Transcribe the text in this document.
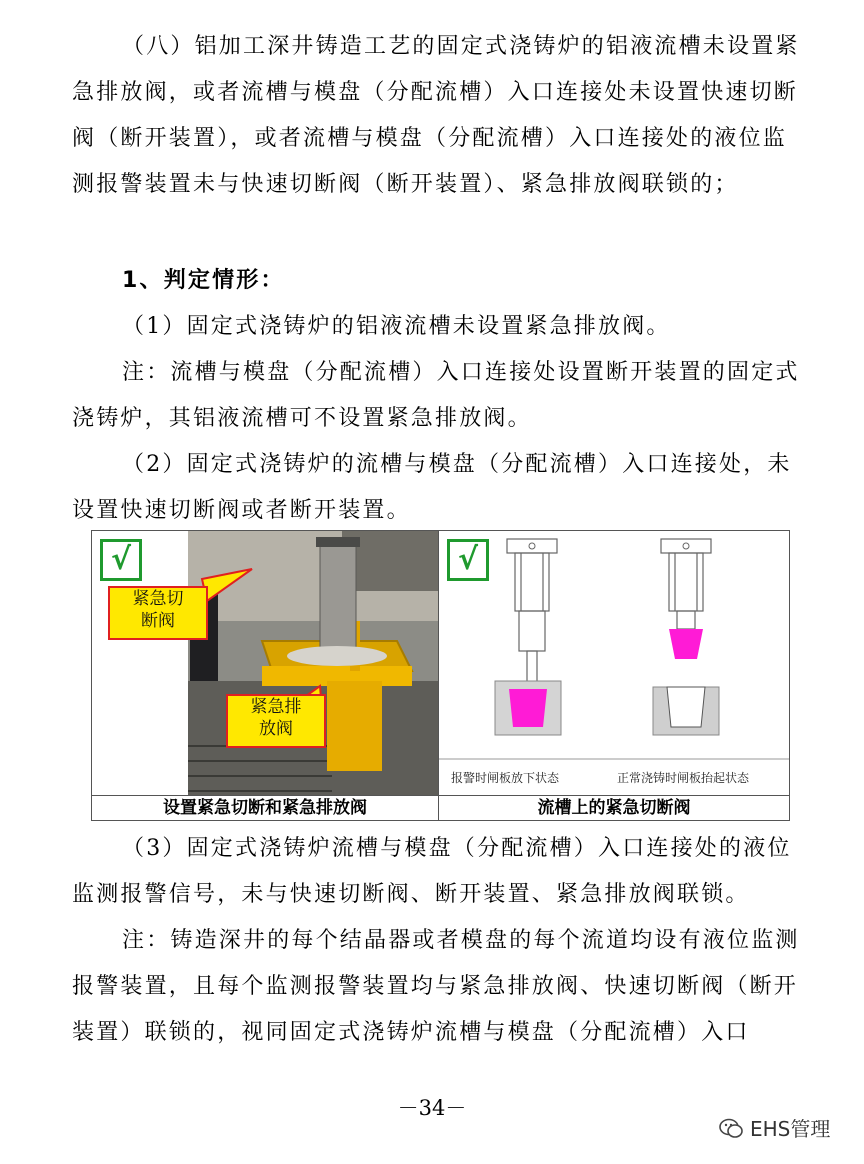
（八）铝加工深井铸造工艺的固定式浇铸炉的铝液流槽未设置紧急排放阀，或者流槽与模盘（分配流槽）入口连接处未设置快速切断阀（断开装置），或者流槽与模盘（分配流槽）入口连接处的液位监测报警装置未与快速切断阀（断开装置）、紧急排放阀联锁的；

1、判定情形：

（1）固定式浇铸炉的铝液流槽未设置紧急排放阀。

注：流槽与模盘（分配流槽）入口连接处设置断开装置的固定式浇铸炉，其铝液流槽可不设置紧急排放阀。

（2）固定式浇铸炉的流槽与模盘（分配流槽）入口连接处，未设置快速切断阀或者断开装置。

√
紧急切
断阀
紧急排
放阀
√
报警时闸板放下状态	正常浇铸时闸板抬起状态
设置紧急切断和紧急排放阀	流槽上的紧急切断阀

（3）固定式浇铸炉流槽与模盘（分配流槽）入口连接处的液位监测报警信号，未与快速切断阀、断开装置、紧急排放阀联锁。

注：铸造深井的每个结晶器或者模盘的每个流道均设有液位监测报警装置，且每个监测报警装置均与紧急排放阀、快速切断阀（断开装置）联锁的，视同固定式浇铸炉流槽与模盘（分配流槽）入口

－34－
EHS管理
